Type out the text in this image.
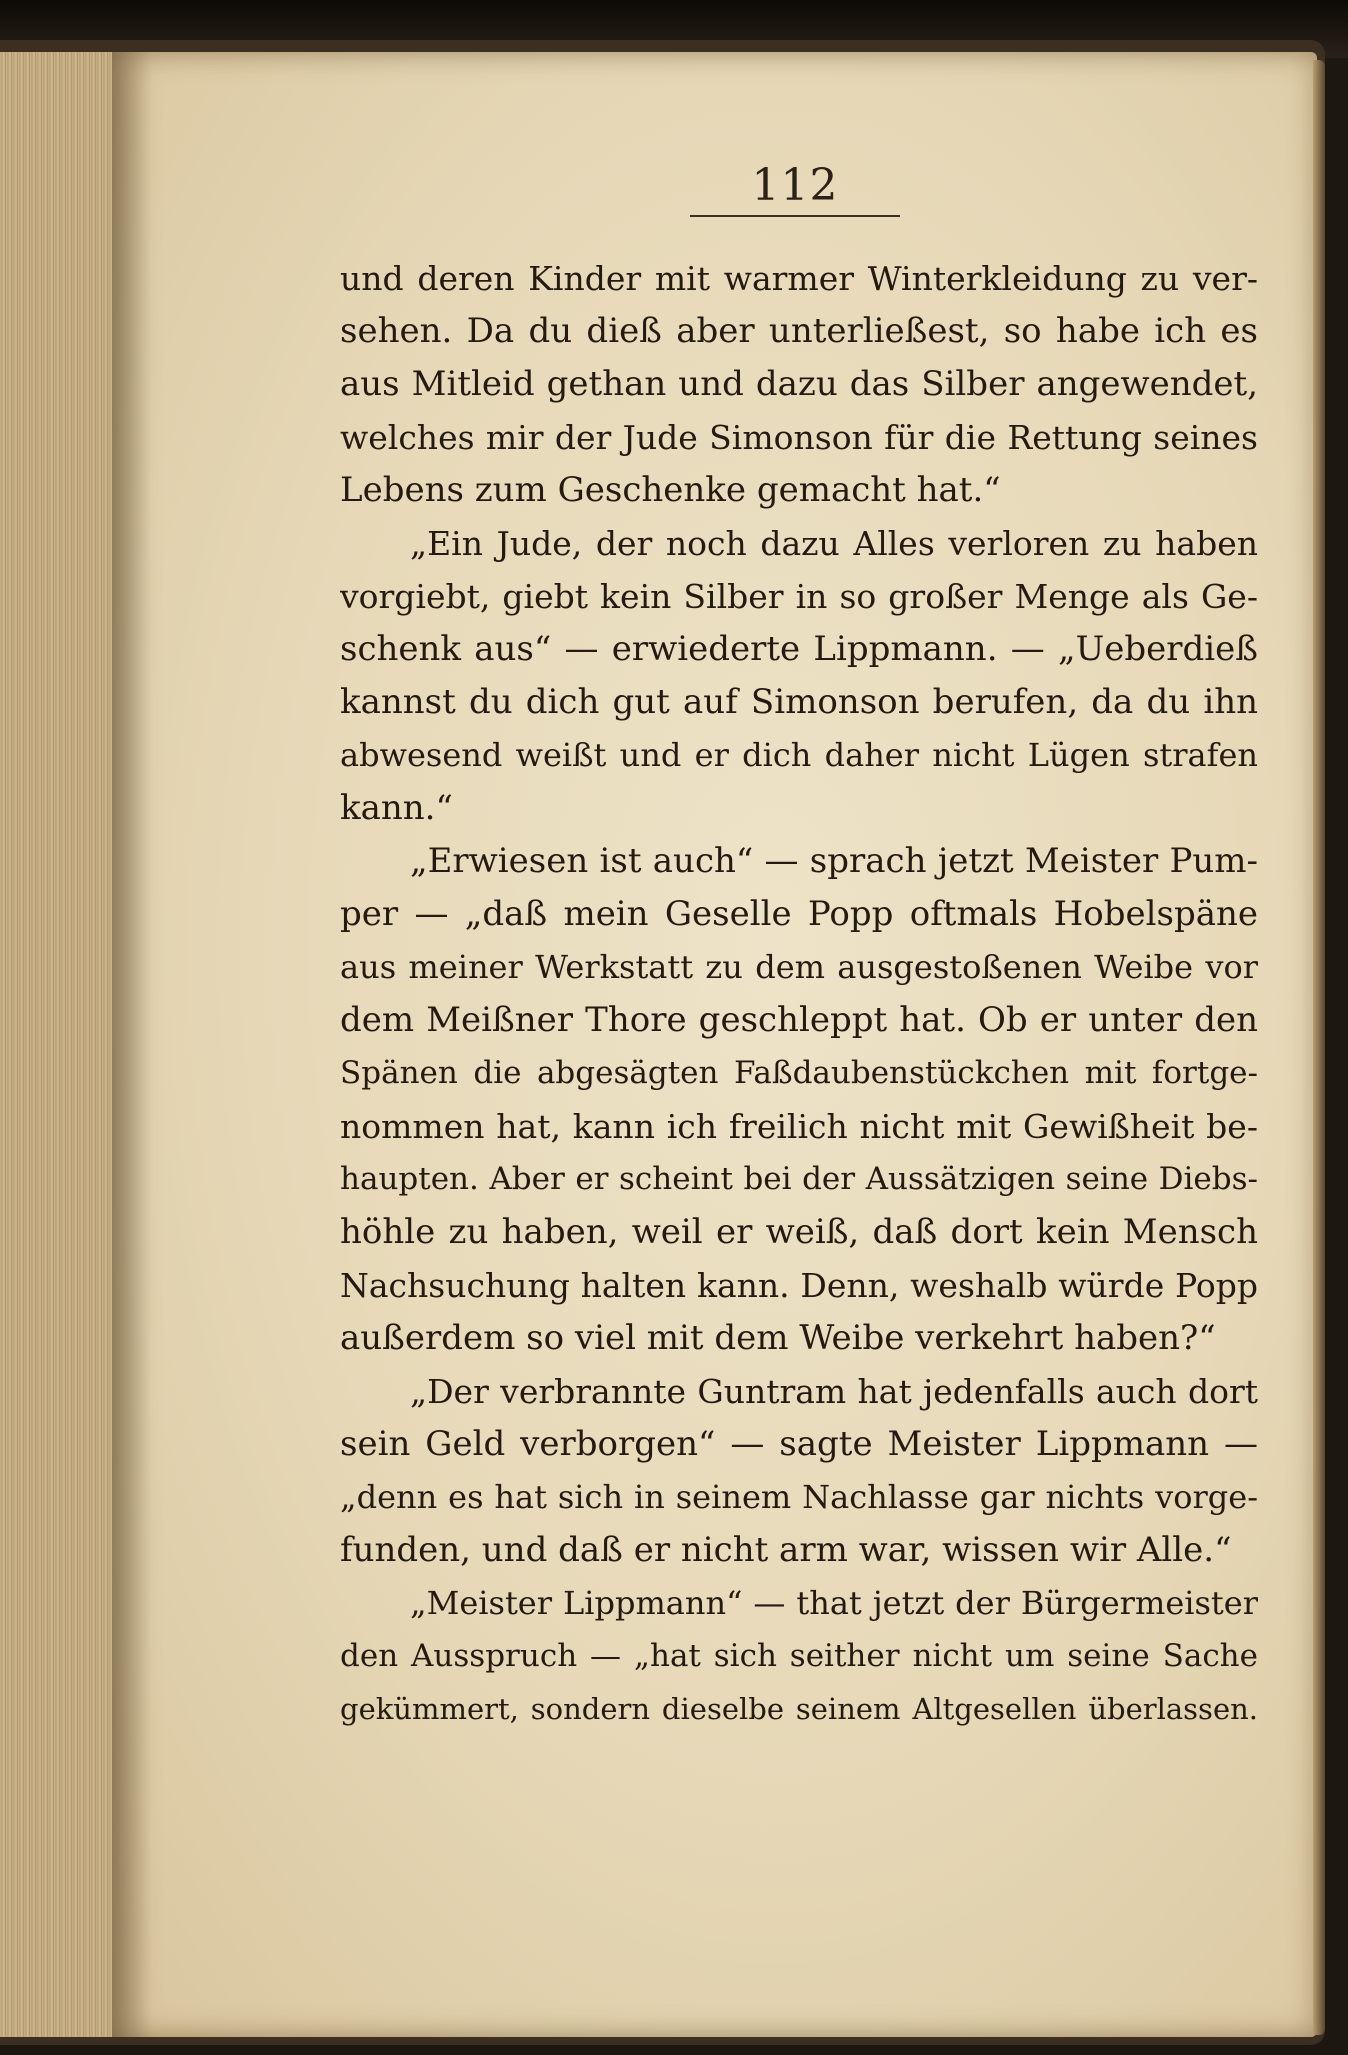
112
und deren Kinder mit warmer Winterkleidung zu ver-
sehen. Da du dieß aber unterließest, so habe ich es
aus Mitleid gethan und dazu das Silber angewendet,
welches mir der Jude Simonson für die Rettung seines
Lebens zum Geschenke gemacht hat.“
„Ein Jude, der noch dazu Alles verloren zu haben
vorgiebt, giebt kein Silber in so großer Menge als Ge-
schenk aus“ — erwiederte Lippmann. — „Ueberdieß
kannst du dich gut auf Simonson berufen, da du ihn
abwesend weißt und er dich daher nicht Lügen strafen
kann.“
„Erwiesen ist auch“ — sprach jetzt Meister Pum-
per — „daß mein Geselle Popp oftmals Hobelspäne
aus meiner Werkstatt zu dem ausgestoßenen Weibe vor
dem Meißner Thore geschleppt hat. Ob er unter den
Spänen die abgesägten Faßdaubenstückchen mit fortge-
nommen hat, kann ich freilich nicht mit Gewißheit be-
haupten. Aber er scheint bei der Aussätzigen seine Diebs-
höhle zu haben, weil er weiß, daß dort kein Mensch
Nachsuchung halten kann. Denn, weshalb würde Popp
außerdem so viel mit dem Weibe verkehrt haben?“
„Der verbrannte Guntram hat jedenfalls auch dort
sein Geld verborgen“ — sagte Meister Lippmann —
„denn es hat sich in seinem Nachlasse gar nichts vorge-
funden, und daß er nicht arm war, wissen wir Alle.“
„Meister Lippmann“ — that jetzt der Bürgermeister
den Ausspruch — „hat sich seither nicht um seine Sache
gekümmert, sondern dieselbe seinem Altgesellen überlassen.
